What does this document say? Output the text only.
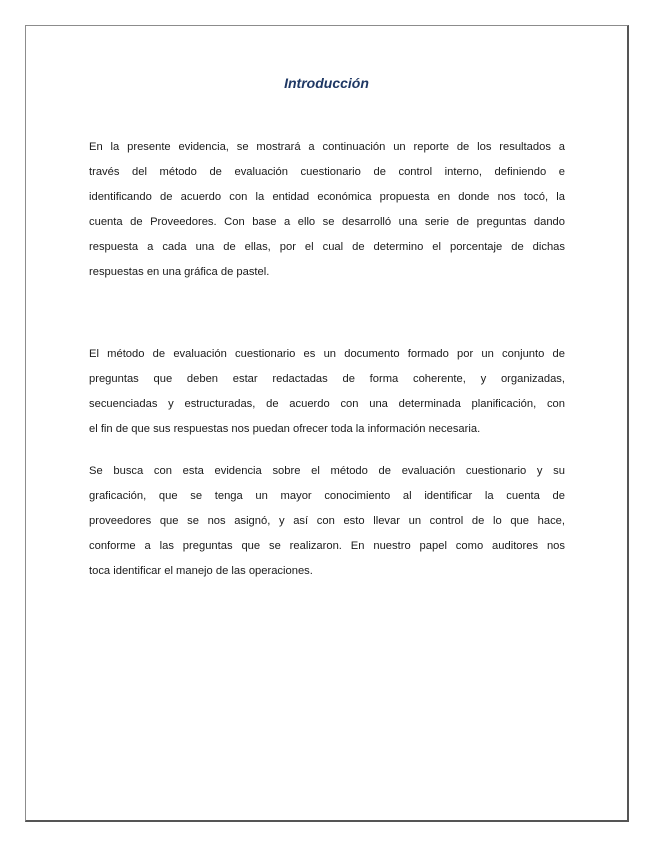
Introducción
En la presente evidencia, se mostrará a continuación un reporte de los resultados a
través del método de evaluación cuestionario de control interno, definiendo e
identificando de acuerdo con la entidad económica propuesta en donde nos tocó, la
cuenta de Proveedores. Con base a ello se desarrolló una serie de preguntas dando
respuesta a cada una de ellas, por el cual de determino el porcentaje de dichas
respuestas en una gráfica de pastel.
El método de evaluación cuestionario es un documento formado por un conjunto de
preguntas que deben estar redactadas de forma coherente, y organizadas,
secuenciadas y estructuradas, de acuerdo con una determinada planificación, con
el fin de que sus respuestas nos puedan ofrecer toda la información necesaria.
Se busca con esta evidencia sobre el método de evaluación cuestionario y su
graficación, que se tenga un mayor conocimiento al identificar la cuenta de
proveedores que se nos asignó, y así con esto llevar un control de lo que hace,
conforme a las preguntas que se realizaron. En nuestro papel como auditores nos
toca identificar el manejo de las operaciones.
